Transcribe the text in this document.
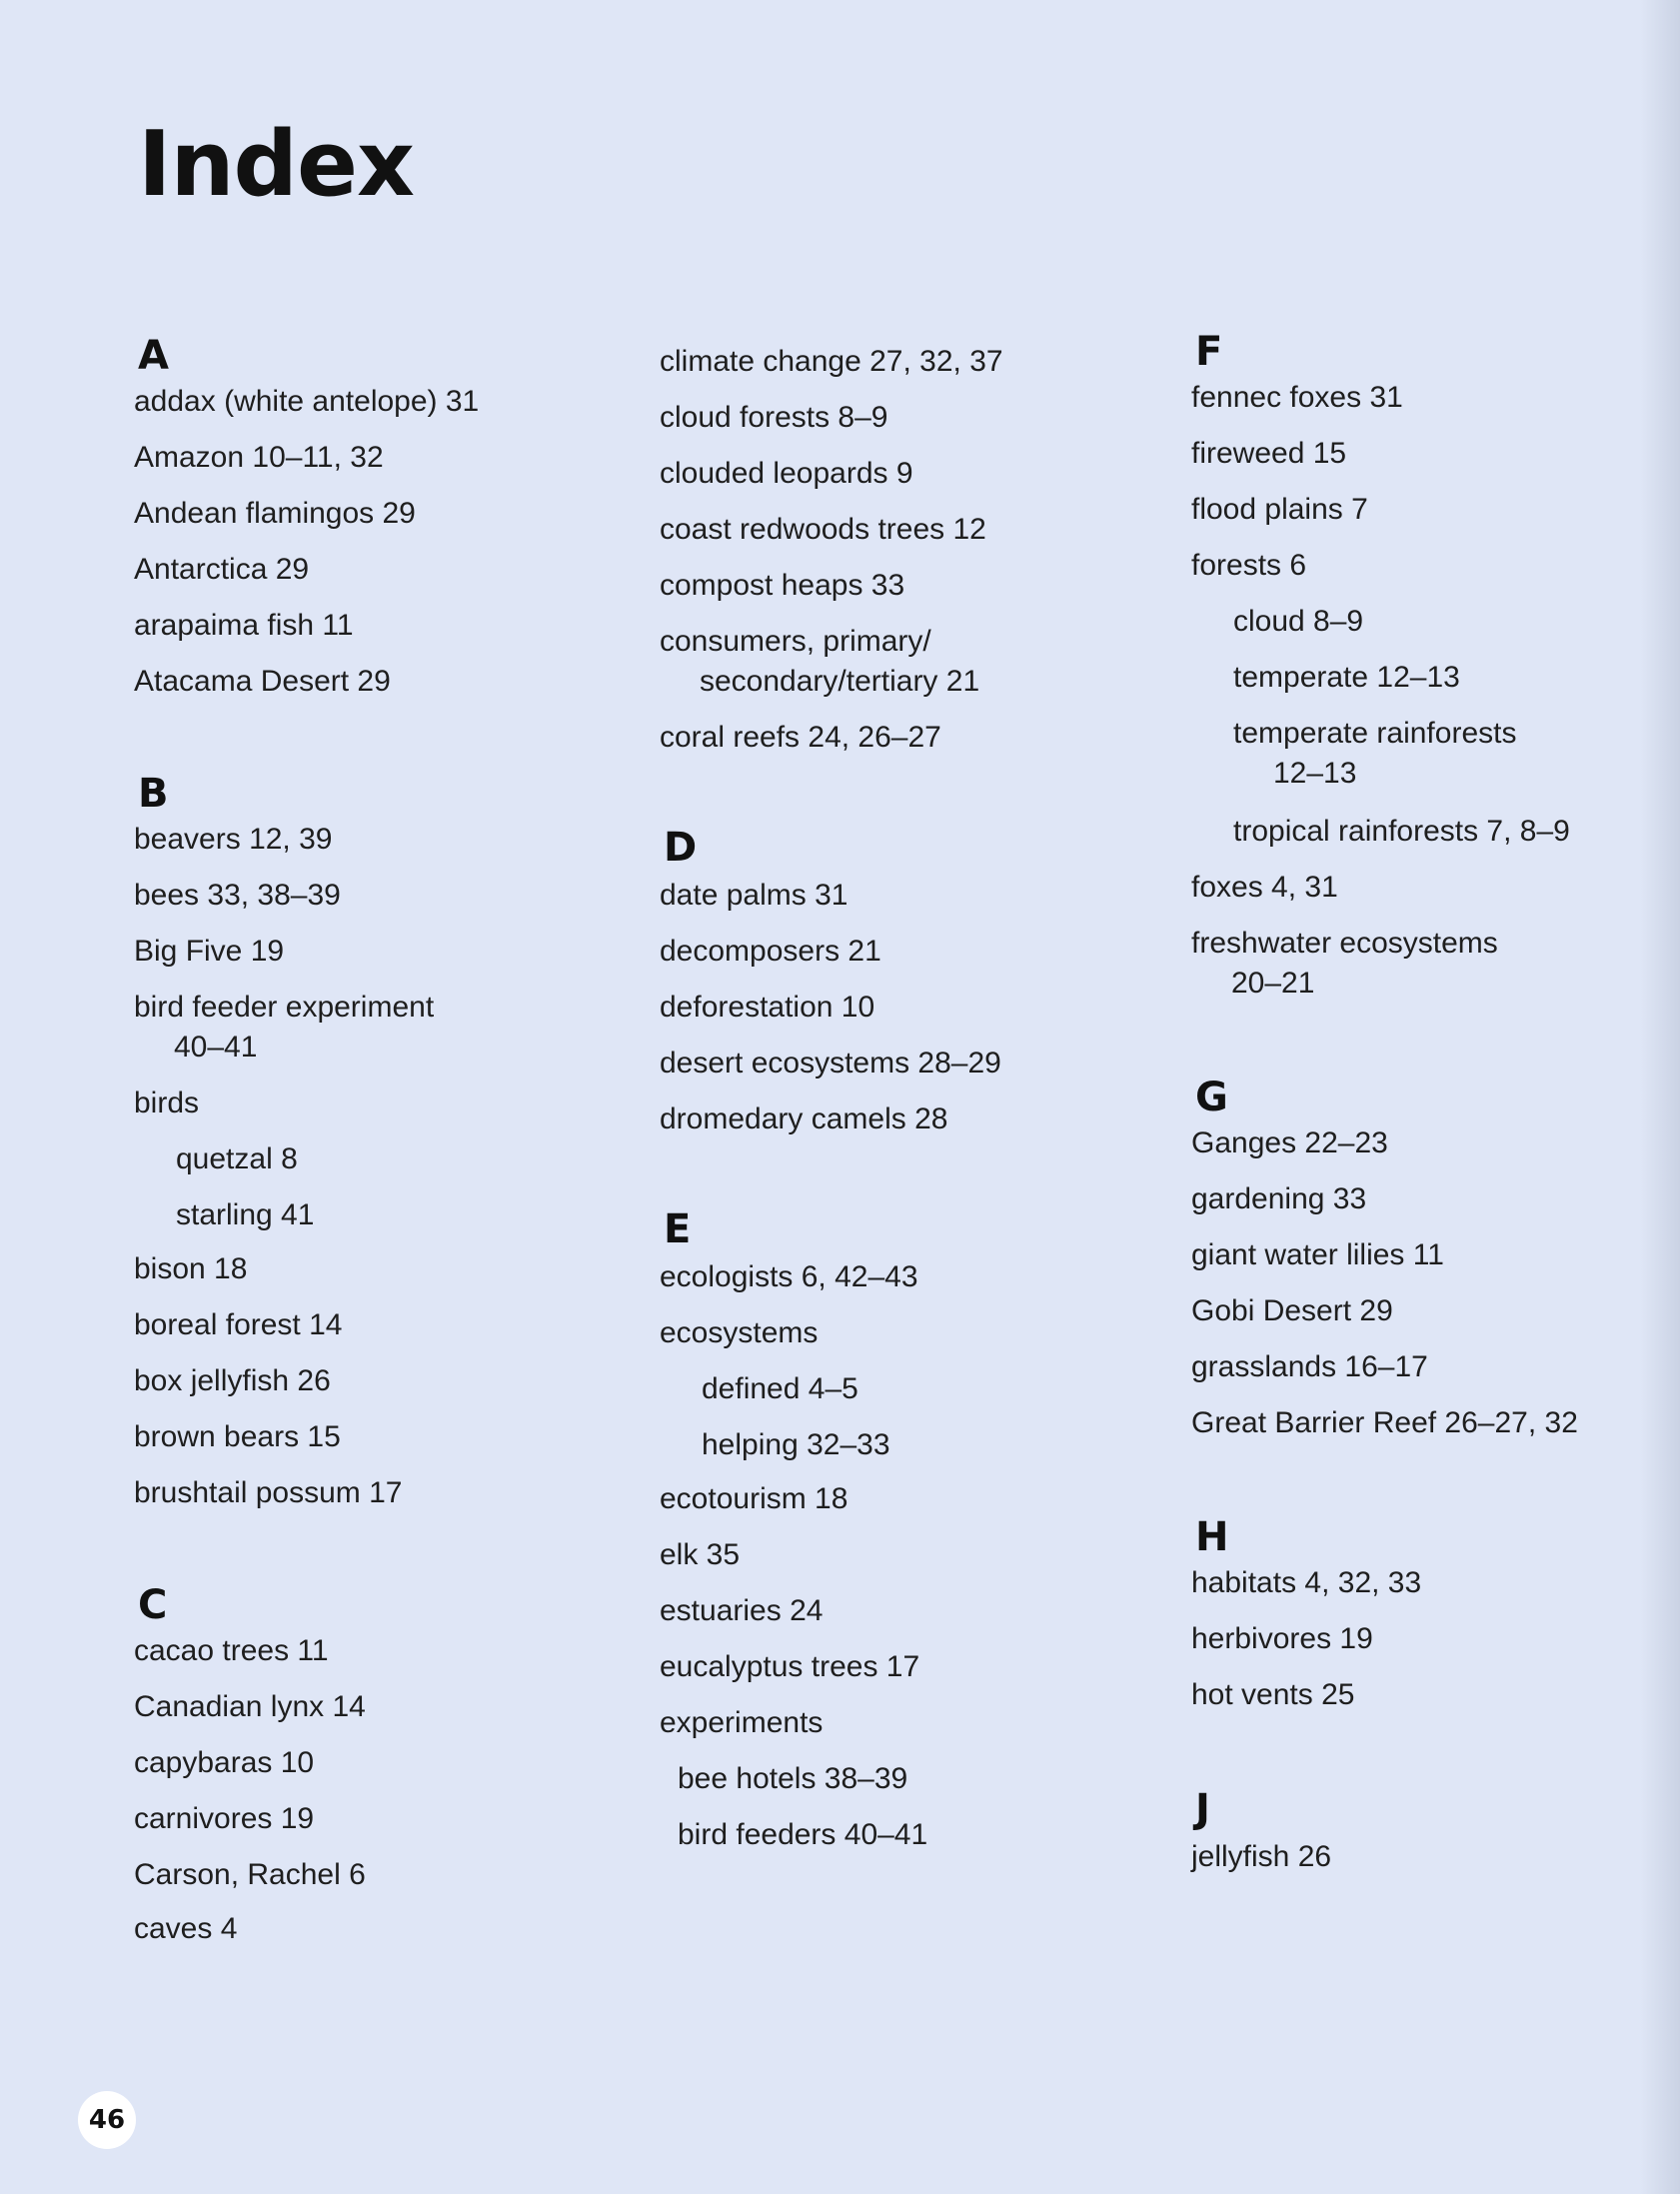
Index
A
addax (white antelope) 31
Amazon 10–11, 32
Andean flamingos 29
Antarctica 29
arapaima fish 11
Atacama Desert 29
B
beavers 12, 39
bees 33, 38–39
Big Five 19
bird feeder experiment
40–41
birds
quetzal 8
starling 41
bison 18
boreal forest 14
box jellyfish 26
brown bears 15
brushtail possum 17
C
cacao trees 11
Canadian lynx 14
capybaras 10
carnivores 19
Carson, Rachel 6
caves 4
climate change 27, 32, 37
cloud forests 8–9
clouded leopards 9
coast redwoods trees 12
compost heaps 33
consumers, primary/
secondary/tertiary 21
coral reefs 24, 26–27
D
date palms 31
decomposers 21
deforestation 10
desert ecosystems 28–29
dromedary camels 28
E
ecologists 6, 42–43
ecosystems
defined 4–5
helping 32–33
ecotourism 18
elk 35
estuaries 24
eucalyptus trees 17
experiments
bee hotels 38–39
bird feeders 40–41
F
fennec foxes 31
fireweed 15
flood plains 7
forests 6
cloud 8–9
temperate 12–13
temperate rainforests
12–13
tropical rainforests 7, 8–9
foxes 4, 31
freshwater ecosystems
20–21
G
Ganges 22–23
gardening 33
giant water lilies 11
Gobi Desert 29
grasslands 16–17
Great Barrier Reef 26–27, 32
H
habitats 4, 32, 33
herbivores 19
hot vents 25
J
jellyfish 26
46
